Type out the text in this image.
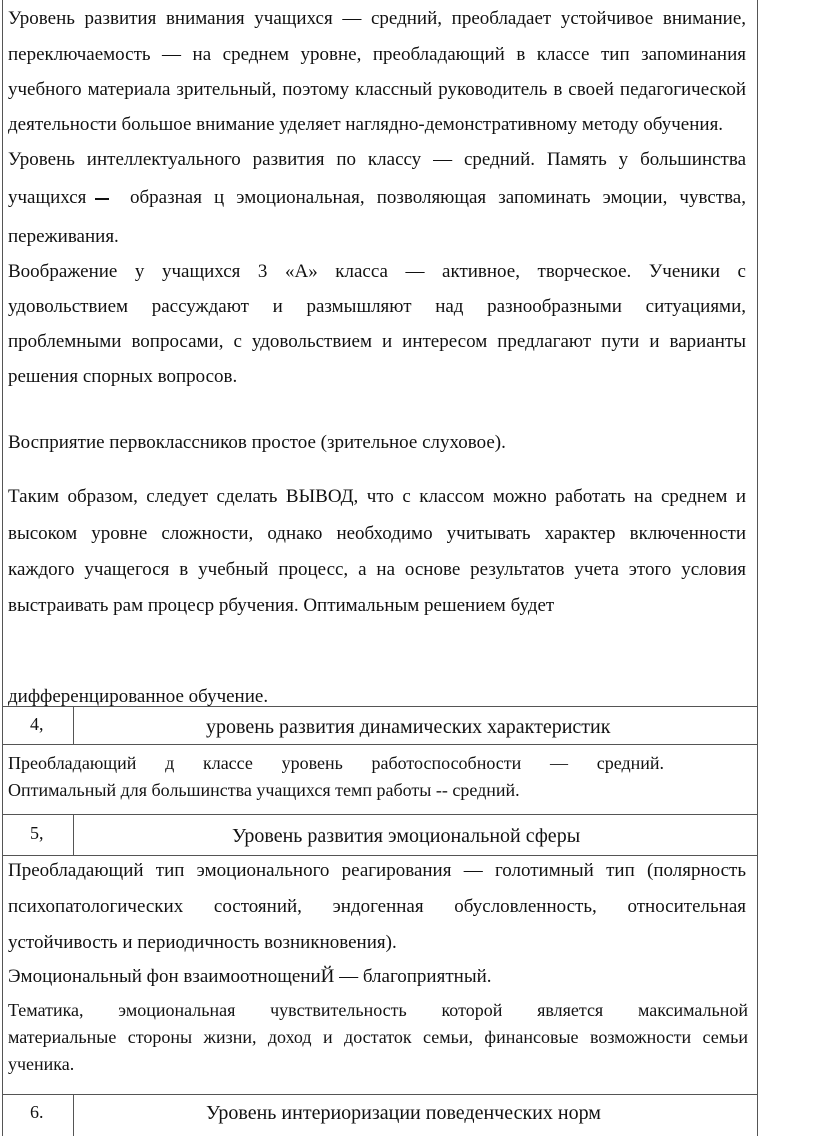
Уровень развития внимания учащихся — средний, преобладает устойчивое внимание,
переключаемость — на среднем уровне, преобладающий в классе тип запоминания
учебного материала зрительный, поэтому классный руководитель в своей педагогической
деятельности большое внимание уделяет наглядно-демонстративному методу обучения.
Уровень интеллектуального развития по классу — средний. Память у большинства
учащихся	образная ц эмоциональная, позволяющая запоминать эмоции, чувства,
переживания.
Воображение у учащихся 3 «А» класса — активное, творческое. Ученики с
удовольствием рассуждают и размышляют над разнообразными ситуациями,
проблемными вопросами, с удовольствием и интересом предлагают пути и варианты
решения спорных вопросов.
Восприятие первоклассников простое (зрительное слуховое).
Таким образом, следует сделать ВЫВОД, что с классом можно работать на среднем и
высоком уровне сложности, однако необходимо учитывать характер включенности
каждого учащегося в учебный процесс, а на основе результатов учета этого условия
выстраивать рам процеср рбучения. Оптимальным решением будет
дифференцированное обучение.
4,	уровень развития динамических характеристик
Преобладающий д классе уровень работоспособности — средний.
Оптимальный для большинства учащихся темп работы -- средний.
5,	Уровень развития эмоциональной сферы
Преобладающий тип эмоционального реагирования — голотимный тип (полярность
психопатологических состояний, эндогенная обусловленность, относительная
устойчивость и периодичность возникновения).
Эмоциональный фон взаимоотнощениЙ — благоприятный.
Тематика, эмоциональная чувствительность которой является максимальной
материальные стороны жизни, доход и достаток семьи, финансовые возможности семьи
ученика.
6.	Уровень интериоризации поведенческих норм
